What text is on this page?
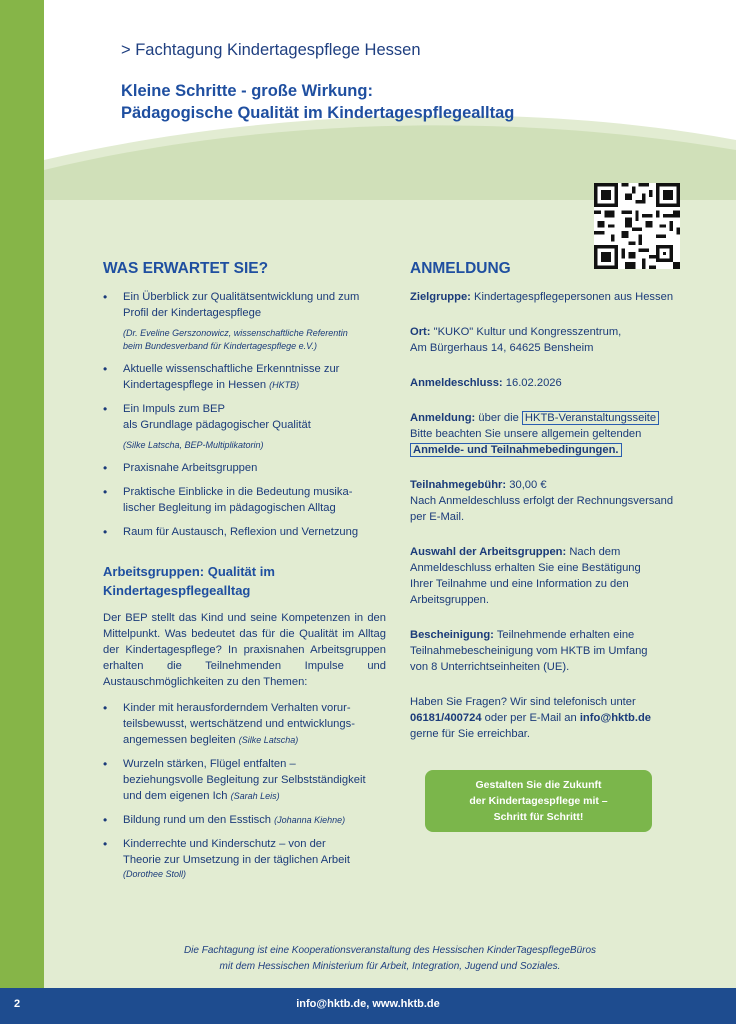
> Fachtagung Kindertagespflege Hessen
Kleine Schritte - große Wirkung:
Pädagogische Qualität im Kindertagespflegealltag
WAS ERWARTET SIE?
• Ein Überblick zur Qualitätsentwicklung und zum
Profil der Kindertagespflege
(Dr. Eveline Gerszonowicz, wissenschaftliche Referentin
beim Bundesverband für Kindertagespflege e.V.)
• Aktuelle wissenschaftliche Erkenntnisse zur
Kindertagespflege in Hessen (HKTB)
• Ein Impuls zum BEP
als Grundlage pädagogischer Qualität
(Silke Latscha, BEP-Multiplikatorin)
• Praxisnahe Arbeitsgruppen
• Praktische Einblicke in die Bedeutung musika-
lischer Begleitung im pädagogischen Alltag
• Raum für Austausch, Reflexion und Vernetzung
Arbeitsgruppen: Qualität im
Kindertagespflegealltag
Der BEP stellt das Kind und seine Kompetenzen in den Mittelpunkt. Was bedeutet das für die Qualität im Alltag der Kindertagespflege? In praxisnahen Arbeitsgruppen erhalten die Teilnehmenden Impulse und Austauschmöglichkeiten zu den Themen:
• Kinder mit herausforderndem Verhalten vorur-
teilsbewusst, wertschätzend und entwicklungs-
angemessen begleiten (Silke Latscha)
• Wurzeln stärken, Flügel entfalten –
beziehungsvolle Begleitung zur Selbstständigkeit
und dem eigenen Ich (Sarah Leis)
• Bildung rund um den Esstisch (Johanna Kiehne)
• Kinderrechte und Kinderschutz – von der
Theorie zur Umsetzung in der täglichen Arbeit
(Dorothee Stoll)
ANMELDUNG
Zielgruppe: Kindertagespflegepersonen aus Hessen
Ort: "KUKO" Kultur und Kongresszentrum,
Am Bürgerhaus 14, 64625 Bensheim
Anmeldeschluss: 16.02.2026
Anmeldung: über die HKTB-Veranstaltungsseite
Bitte beachten Sie unsere allgemein geltenden
Anmelde- und Teilnahmebedingungen.
Teilnahmegebühr: 30,00 €
Nach Anmeldeschluss erfolgt der Rechnungsversand
per E-Mail.
Auswahl der Arbeitsgruppen: Nach dem
Anmeldeschluss erhalten Sie eine Bestätigung
Ihrer Teilnahme und eine Information zu den
Arbeitsgruppen.
Bescheinigung: Teilnehmende erhalten eine
Teilnahmebescheinigung vom HKTB im Umfang
von 8 Unterrichtseinheiten (UE).
Haben Sie Fragen? Wir sind telefonisch unter
06181/400724 oder per E-Mail an info@hktb.de
gerne für Sie erreichbar.
Gestalten Sie die Zukunft
der Kindertagespflege mit –
Schritt für Schritt!
Die Fachtagung ist eine Kooperationsveranstaltung des Hessischen KinderTagespflegeBüros
mit dem Hessischen Ministerium für Arbeit, Integration, Jugend und Soziales.
2	info@hktb.de, www.hktb.de
